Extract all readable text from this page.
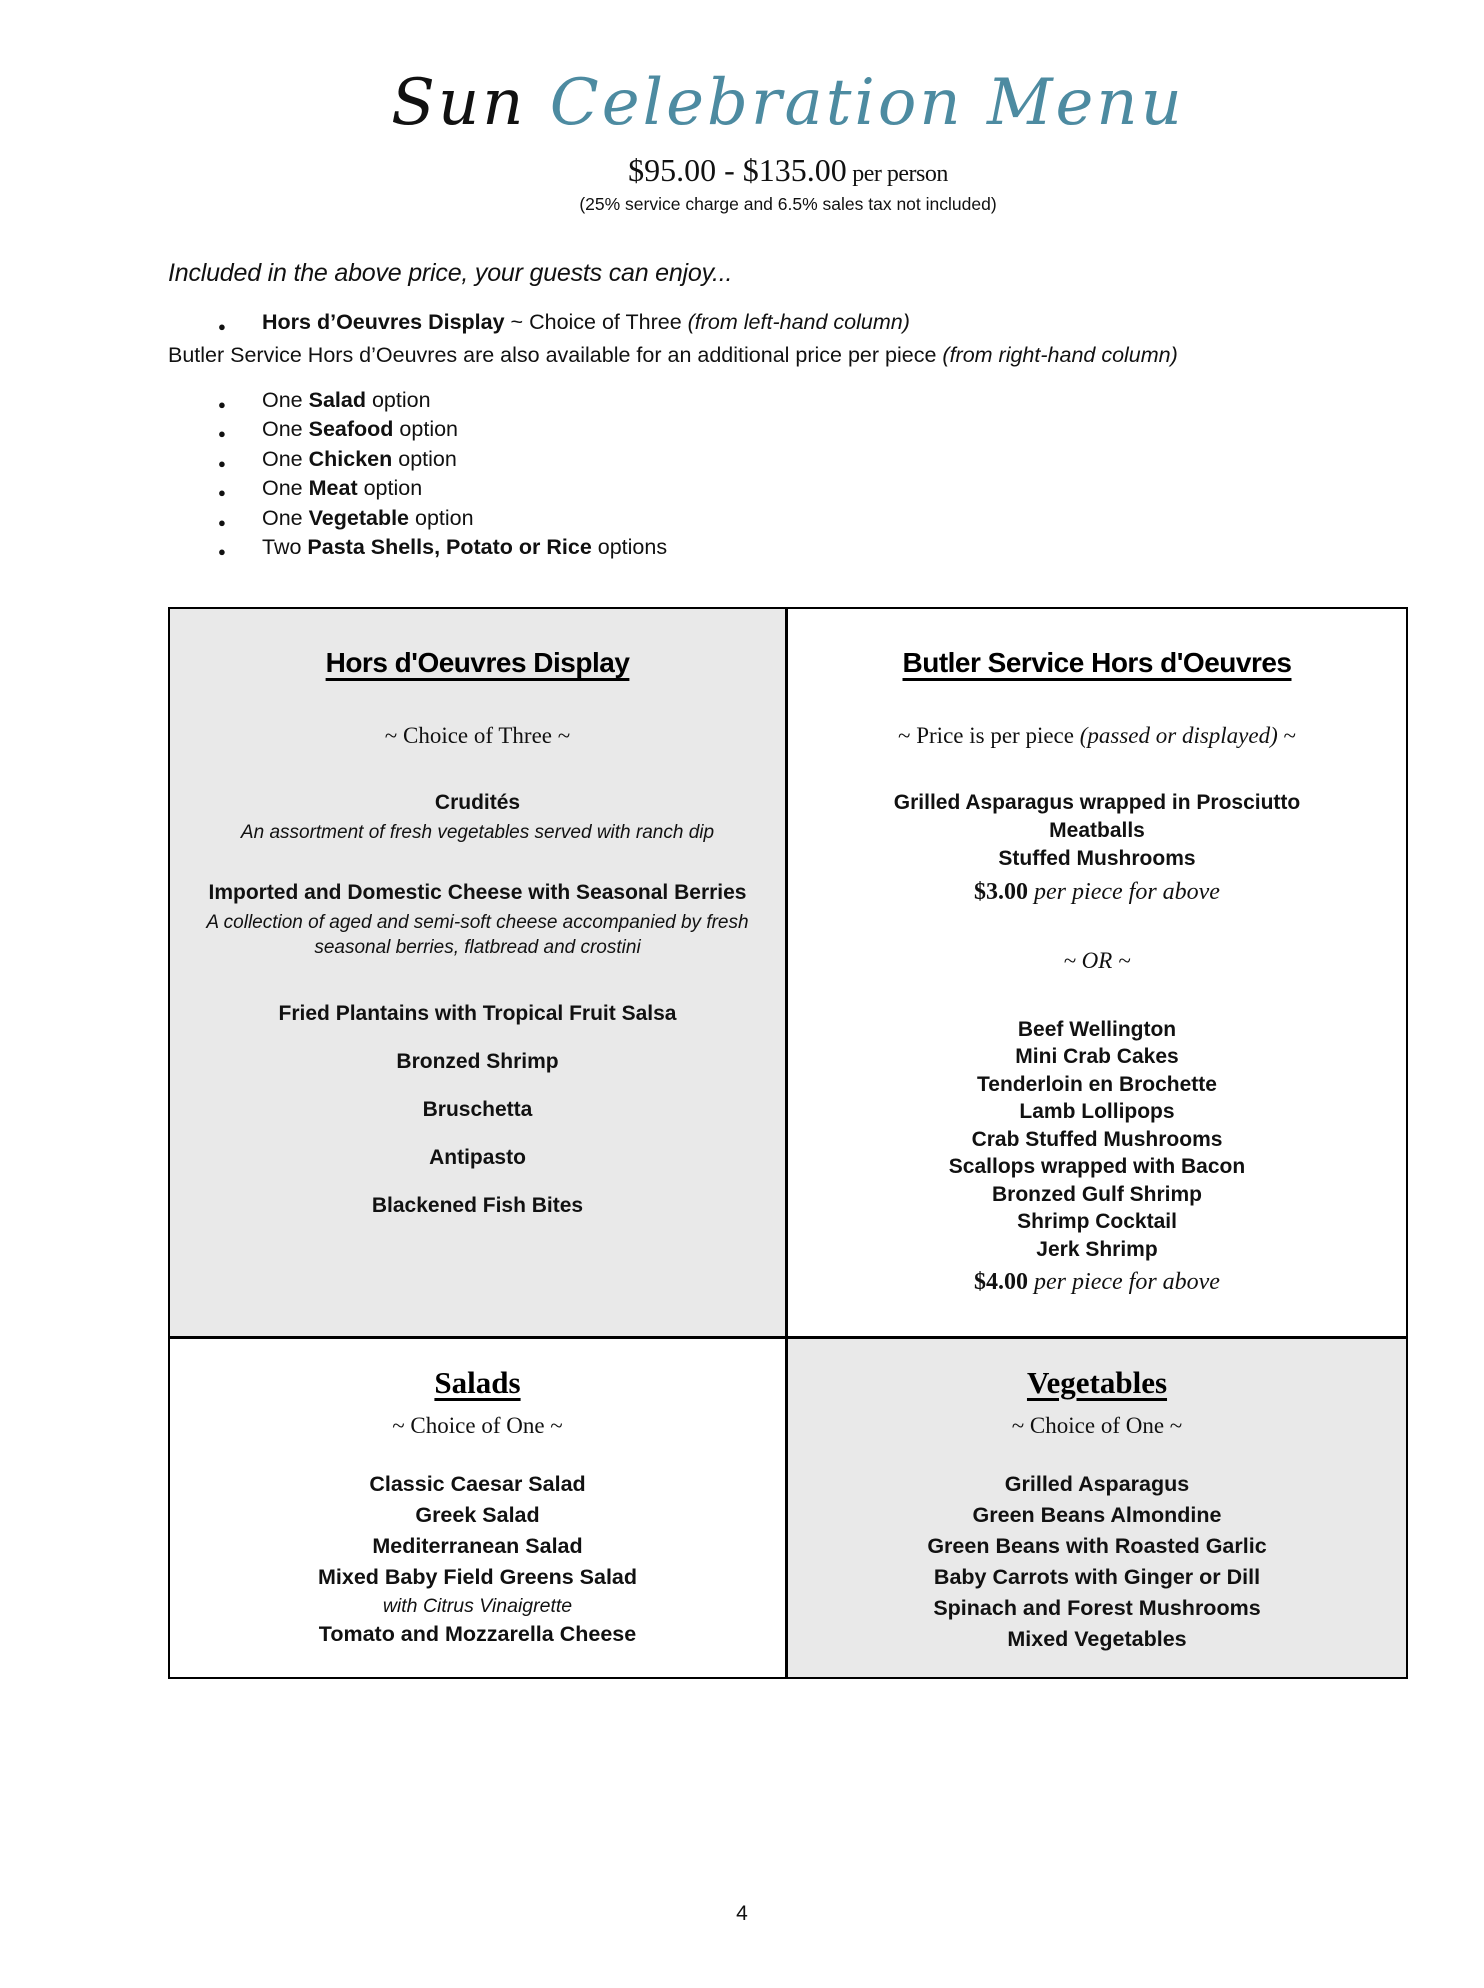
Sun Celebration Menu
$95.00 - $135.00 per person
(25% service charge and 6.5% sales tax not included)
Included in the above price, your guests can enjoy...
● Hors d’Oeuvres Display ~ Choice of Three (from left-hand column)
Butler Service Hors d’Oeuvres are also available for an additional price per piece (from right-hand column)
● One Salad option
● One Seafood option
● One Chicken option
● One Meat option
● One Vegetable option
● Two Pasta Shells, Potato or Rice options
Hors d'Oeuvres Display
~ Choice of Three ~
Crudités
An assortment of fresh vegetables served with ranch dip
Imported and Domestic Cheese with Seasonal Berries
A collection of aged and semi-soft cheese accompanied by fresh seasonal berries, flatbread and crostini
Fried Plantains with Tropical Fruit Salsa
Bronzed Shrimp
Bruschetta
Antipasto
Blackened Fish Bites
Butler Service Hors d'Oeuvres
~ Price is per piece (passed or displayed) ~
Grilled Asparagus wrapped in Prosciutto
Meatballs
Stuffed Mushrooms
$3.00 per piece for above
~ OR ~
Beef Wellington
Mini Crab Cakes
Tenderloin en Brochette
Lamb Lollipops
Crab Stuffed Mushrooms
Scallops wrapped with Bacon
Bronzed Gulf Shrimp
Shrimp Cocktail
Jerk Shrimp
$4.00 per piece for above
Salads
~ Choice of One ~
Classic Caesar Salad
Greek Salad
Mediterranean Salad
Mixed Baby Field Greens Salad
with Citrus Vinaigrette
Tomato and Mozzarella Cheese
Vegetables
~ Choice of One ~
Grilled Asparagus
Green Beans Almondine
Green Beans with Roasted Garlic
Baby Carrots with Ginger or Dill
Spinach and Forest Mushrooms
Mixed Vegetables
4
